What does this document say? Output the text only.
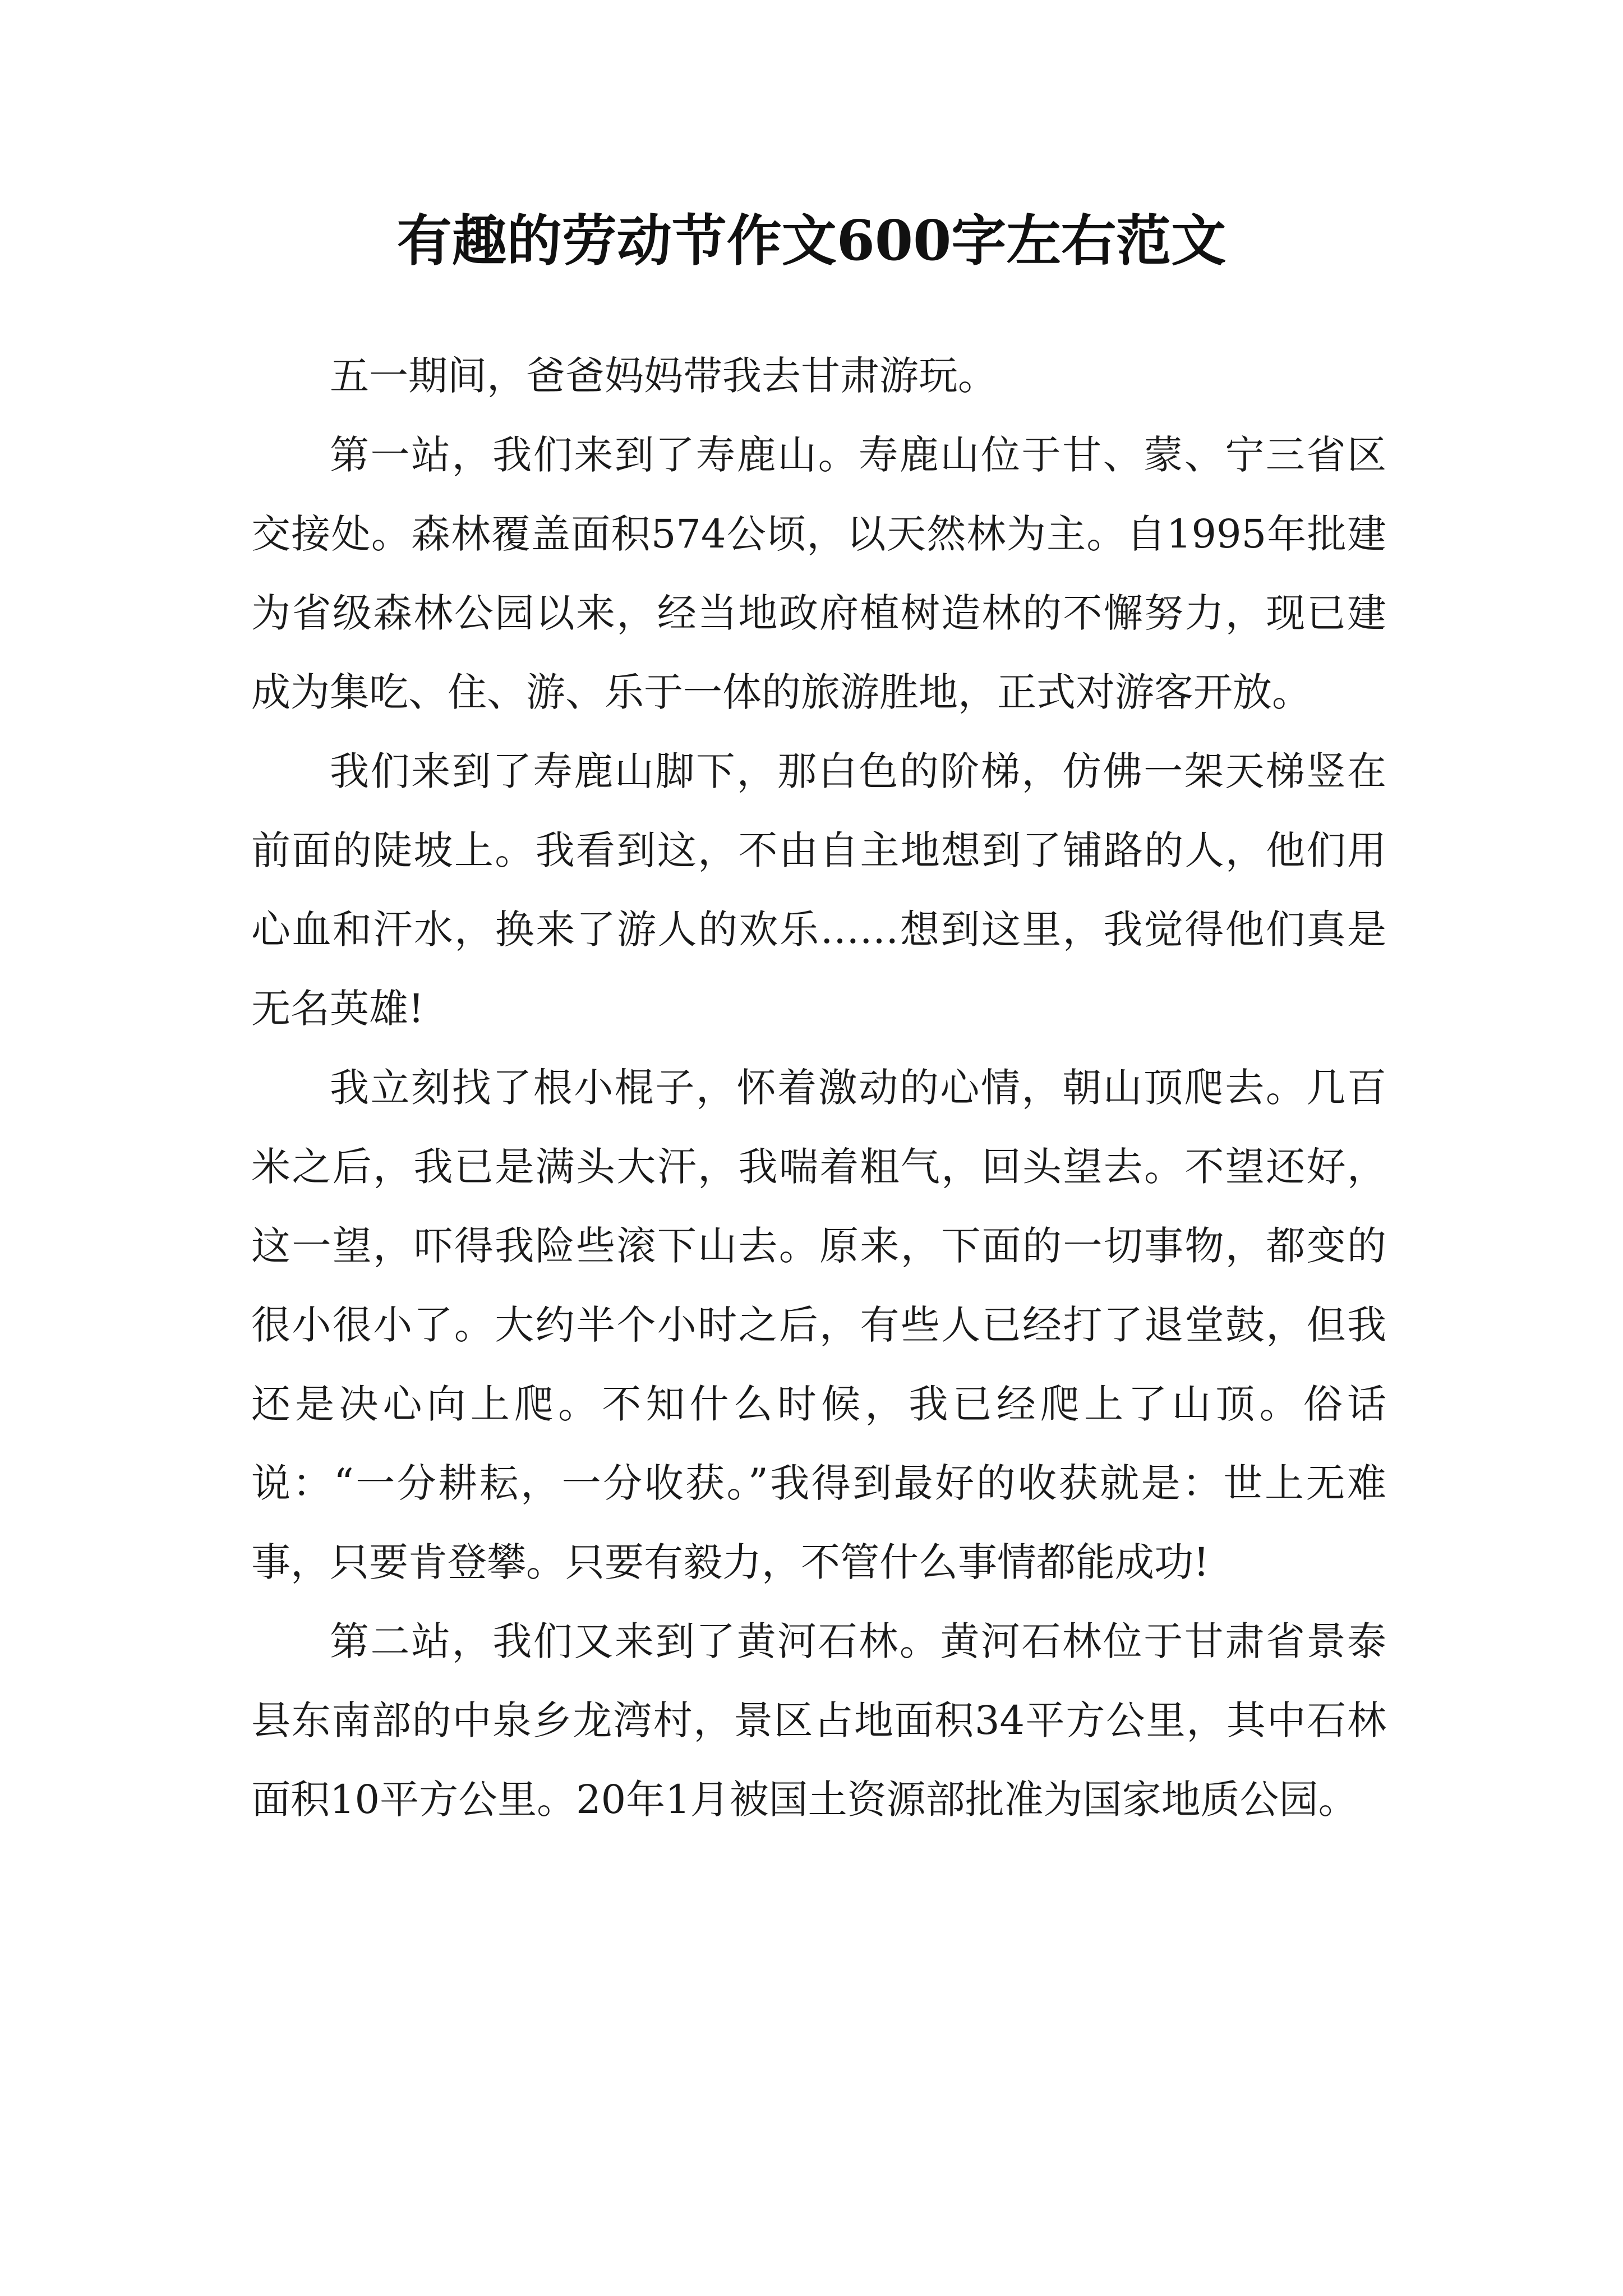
有趣的劳动节作文600字左右范文

五一期间，爸爸妈妈带我去甘肃游玩。

第一站，我们来到了寿鹿山。寿鹿山位于甘、蒙、宁三省区交接处。森林覆盖面积574公顷，以天然林为主。自1995年批建为省级森林公园以来，经当地政府植树造林的不懈努力，现已建成为集吃、住、游、乐于一体的旅游胜地，正式对游客开放。

我们来到了寿鹿山脚下，那白色的阶梯，仿佛一架天梯竖在前面的陡坡上。我看到这，不由自主地想到了铺路的人，他们用心血和汗水，换来了游人的欢乐……想到这里，我觉得他们真是无名英雄!

我立刻找了根小棍子，怀着激动的心情，朝山顶爬去。几百米之后，我已是满头大汗，我喘着粗气，回头望去。不望还好，这一望，吓得我险些滚下山去。原来，下面的一切事物，都变的很小很小了。大约半个小时之后，有些人已经打了退堂鼓，但我还是决心向上爬。不知什么时候，我已经爬上了山顶。俗话说：“一分耕耘，一分收获。”我得到最好的收获就是：世上无难事，只要肯登攀。只要有毅力，不管什么事情都能成功!

第二站，我们又来到了黄河石林。黄河石林位于甘肃省景泰县东南部的中泉乡龙湾村，景区占地面积34平方公里，其中石林面积10平方公里。20年1月被国土资源部批准为国家地质公园。
